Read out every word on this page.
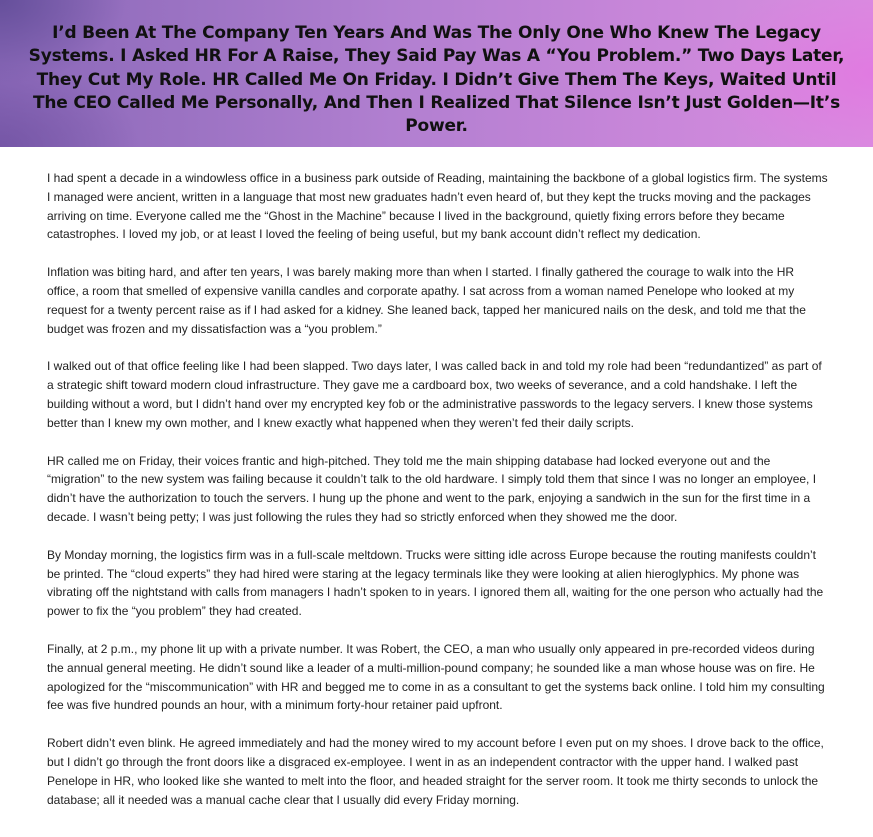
I’d Been At The Company Ten Years And Was The Only One Who Knew The Legacy Systems. I Asked HR For A Raise, They Said Pay Was A “You Problem.” Two Days Later, They Cut My Role. HR Called Me On Friday. I Didn’t Give Them The Keys, Waited Until The CEO Called Me Personally, And Then I Realized That Silence Isn’t Just Golden—It’s Power.

I had spent a decade in a windowless office in a business park outside of Reading, maintaining the backbone of a global logistics firm. The systems I managed were ancient, written in a language that most new graduates hadn’t even heard of, but they kept the trucks moving and the packages arriving on time. Everyone called me the “Ghost in the Machine” because I lived in the background, quietly fixing errors before they became catastrophes. I loved my job, or at least I loved the feeling of being useful, but my bank account didn’t reflect my dedication.

Inflation was biting hard, and after ten years, I was barely making more than when I started. I finally gathered the courage to walk into the HR office, a room that smelled of expensive vanilla candles and corporate apathy. I sat across from a woman named Penelope who looked at my request for a twenty percent raise as if I had asked for a kidney. She leaned back, tapped her manicured nails on the desk, and told me that the budget was frozen and my dissatisfaction was a “you problem.”

I walked out of that office feeling like I had been slapped. Two days later, I was called back in and told my role had been “redundantized” as part of a strategic shift toward modern cloud infrastructure. They gave me a cardboard box, two weeks of severance, and a cold handshake. I left the building without a word, but I didn’t hand over my encrypted key fob or the administrative passwords to the legacy servers. I knew those systems better than I knew my own mother, and I knew exactly what happened when they weren’t fed their daily scripts.

HR called me on Friday, their voices frantic and high-pitched. They told me the main shipping database had locked everyone out and the “migration” to the new system was failing because it couldn’t talk to the old hardware. I simply told them that since I was no longer an employee, I didn’t have the authorization to touch the servers. I hung up the phone and went to the park, enjoying a sandwich in the sun for the first time in a decade. I wasn’t being petty; I was just following the rules they had so strictly enforced when they showed me the door.

By Monday morning, the logistics firm was in a full-scale meltdown. Trucks were sitting idle across Europe because the routing manifests couldn’t be printed. The “cloud experts” they had hired were staring at the legacy terminals like they were looking at alien hieroglyphics. My phone was vibrating off the nightstand with calls from managers I hadn’t spoken to in years. I ignored them all, waiting for the one person who actually had the power to fix the “you problem” they had created.

Finally, at 2 p.m., my phone lit up with a private number. It was Robert, the CEO, a man who usually only appeared in pre-recorded videos during the annual general meeting. He didn’t sound like a leader of a multi-million-pound company; he sounded like a man whose house was on fire. He apologized for the “miscommunication” with HR and begged me to come in as a consultant to get the systems back online. I told him my consulting fee was five hundred pounds an hour, with a minimum forty-hour retainer paid upfront.

Robert didn’t even blink. He agreed immediately and had the money wired to my account before I even put on my shoes. I drove back to the office, but I didn’t go through the front doors like a disgraced ex-employee. I went in as an independent contractor with the upper hand. I walked past Penelope in HR, who looked like she wanted to melt into the floor, and headed straight for the server room. It took me thirty seconds to unlock the database; all it needed was a manual cache clear that I usually did every Friday morning.
